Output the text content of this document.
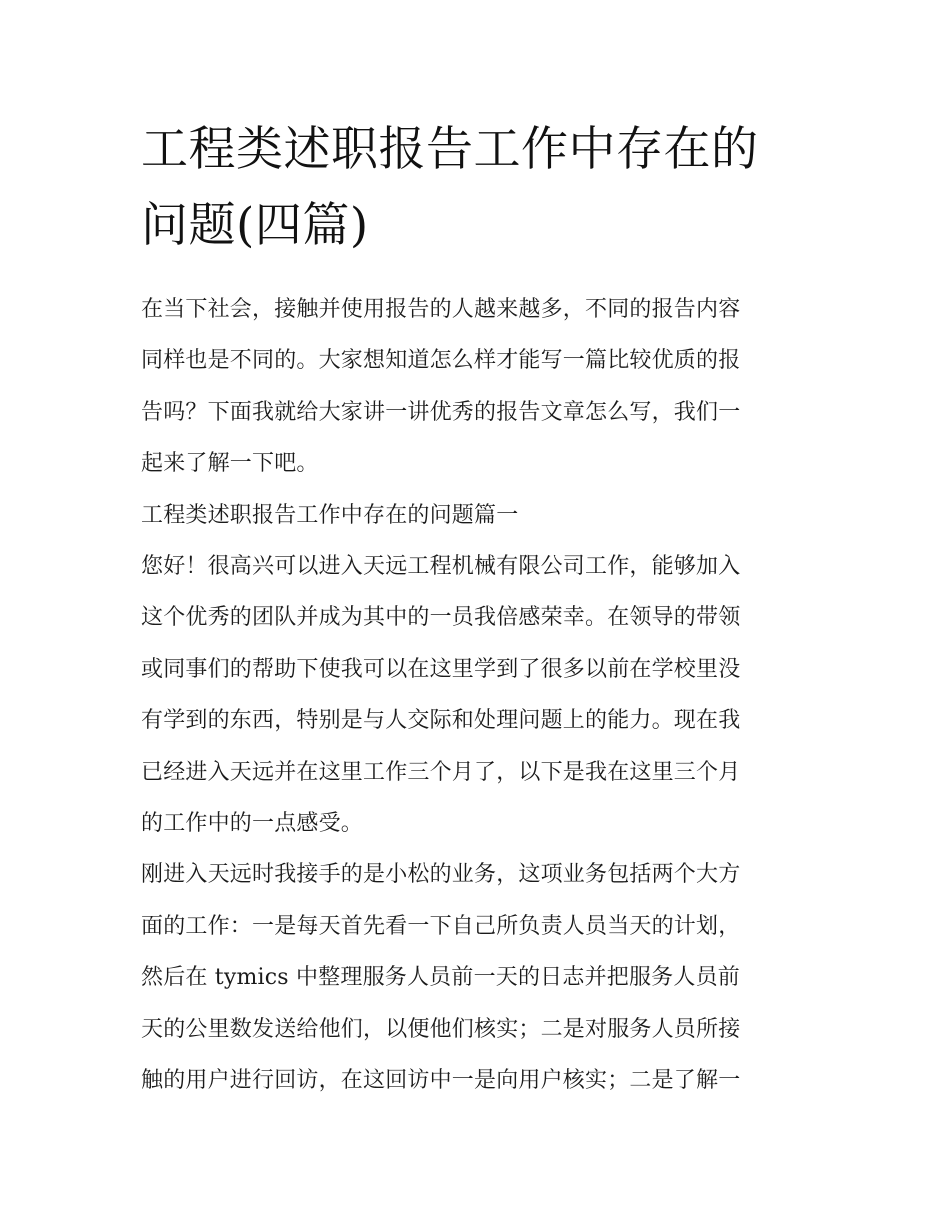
工程类述职报告工作中存在的
问题(四篇)
在当下社会，接触并使用报告的人越来越多，不同的报告内容
同样也是不同的。大家想知道怎么样才能写一篇比较优质的报
告吗？下面我就给大家讲一讲优秀的报告文章怎么写，我们一
起来了解一下吧。
工程类述职报告工作中存在的问题篇一
您好！很高兴可以进入天远工程机械有限公司工作，能够加入
这个优秀的团队并成为其中的一员我倍感荣幸。在领导的带领
或同事们的帮助下使我可以在这里学到了很多以前在学校里没
有学到的东西，特别是与人交际和处理问题上的能力。现在我
已经进入天远并在这里工作三个月了，以下是我在这里三个月
的工作中的一点感受。
刚进入天远时我接手的是小松的业务，这项业务包括两个大方
面的工作：一是每天首先看一下自己所负责人员当天的计划，
然后在 tymics 中整理服务人员前一天的日志并把服务人员前
天的公里数发送给他们，以便他们核实；二是对服务人员所接
触的用户进行回访，在这回访中一是向用户核实；二是了解一
